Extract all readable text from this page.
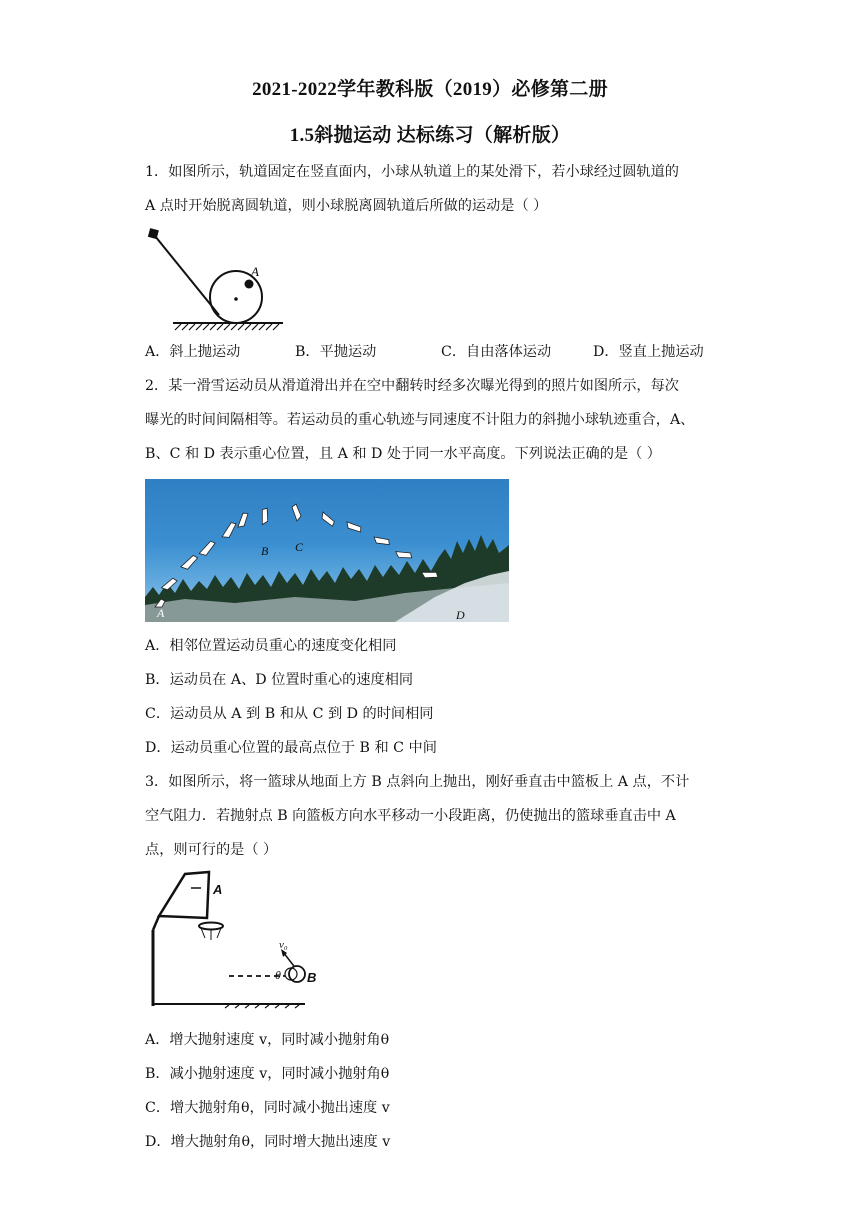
2021-2022学年教科版（2019）必修第二册
1.5斜抛运动 达标练习（解析版）
1．如图所示，轨道固定在竖直面内，小球从轨道上的某处滑下，若小球经过圆轨道的
A 点时开始脱离圆轨道，则小球脱离圆轨道后所做的运动是（ ）
A
A．斜上抛运动	B．平抛运动	C．自由落体运动	D．竖直上抛运动
2．某一滑雪运动员从滑道滑出并在空中翻转时经多次曝光得到的照片如图所示，每次
曝光的时间间隔相等。若运动员的重心轨迹与同速度不计阻力的斜抛小球轨迹重合，A、
B、C 和 D 表示重心位置，且 A 和 D 处于同一水平高度。下列说法正确的是（ ）
A
B C
D
A．相邻位置运动员重心的速度变化相同
B．运动员在 A、D 位置时重心的速度相同
C．运动员从 A 到 B 和从 C 到 D 的时间相同
D．运动员重心位置的最高点位于 B 和 C 中间
3．如图所示，将一篮球从地面上方 B 点斜向上抛出，刚好垂直击中篮板上 A 点，不计
空气阻力．若抛射点 B 向篮板方向水平移动一小段距离，仍使抛出的篮球垂直击中 A
点，则可行的是（ ）
A
v₀
θ B
A．增大抛射速度 v，同时减小抛射角θ
B．减小抛射速度 v，同时减小抛射角θ
C．增大抛射角θ，同时减小抛出速度 v
D．增大抛射角θ，同时增大抛出速度 v
